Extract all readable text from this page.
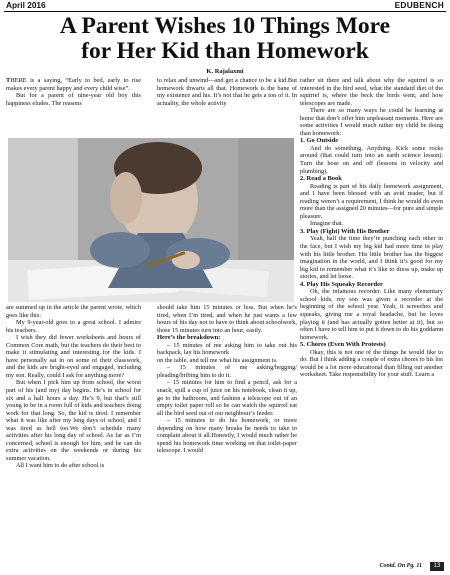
April 2016	EDUBENCH
A Parent Wishes 10 Things More
for Her Kid than Homework
K. Rajalaxmi

THERE is a saying, “Early to bed, early to rise makes every parent happy and every child wise”.

But for a parent of nine-year old boy this happiness eludes. The reasons

to relax and unwind—and get a chance to be a kid.But homework thwarts all that. Homework is the bane of my existence and his. It’s not that he gets a ton of it. In actuality, the whole activity

are summed up in the article the parent wrote, which goes like this:

My 9-year-old goes to a great school. I admire his teachers.

I wish they did fewer worksheets and hours of Common Core math, but the teachers do their best to make it stimulating and interesting for the kids. I have personally sat in on some of their classwork, and the kids are bright-eyed and engaged, including my son. Really, could I ask for anything more?

But when I pick him up from school, the worst part of his (and my) day begins. He’s in school for six and a half hours a day. He’s 9, but that’s still young to be in a room full of kids and teachers doing work for that long. So, the kid is tired. I remember what it was like after my long days of school, and I was tired as hell too.We don’t schedule many activities after his long day of school. As far as I’m concerned, school is enough for him, and he can do extra activities on the weekends or during his summer vacation.

All I want him to do after school is

should take him 15 minutes or less. But when he’s tired, when I’m tired, and when he just wants a few hours of his day not to have to think about schoolwork, those 15 minutes turn into an hour, easily.

Here’s the breakdown:

– 15 minutes of me asking him to take out his backpack, lay his homework

on the table, and tell me what his assignment is.

– 15 minutes of me asking/begging/ pleading/bribing him to do it.

– 15 minutes for him to find a pencil, ask for a snack, spill a cup of juice on his notebook, clean it up, go to the bathroom, and fashion a telescope out of an empty toilet paper roll so he can watch the squirrel eat all the bird seed out of our neighbour’s feeder.

– 15 minutes to do his homework, or more depending on how many breaks he needs to take to complain about it all.Honestly, I would much rather he spend his homework time working on that toilet-paper telescope. I would

rather sit there and talk about why the squirrel is so interested in the bird seed, what the standard diet of the squirrel is, where the beck the birds went, and how telescopes are made.

There are so many ways he could be learning at home that don’t offer him unpleasant moments. Here are some activities I would much rather my child be doing than homework:

1. Go Outside

And do something. Anything. Kick some rocks around (that could turn into an earth science lesson). Turn the hose on and off (lessons in velocity and plumbing).

2. Read a Book

Reading is part of his daily homework assignment, and I have been blessed with an avid reader, but if reading weren’t a requirement, I think he would do even more than the assigned 20 minutes—for pure and simple pleasure.

Imagine that.

3. Play (Fight) With His Brother

Yeah, half the time they’re punching each other in the face, but I wish my big kid had more time to play with his little brother. His little brother has the biggest imagination in the world, and I think it’s good for my big kid to remember what it’s like to dress up, make up stories, and let loose.

4. Play His Squeaky Recorder

Oh, the infamous recorder. Like many elementary school kids, my son was given a recorder at the beginning of the school year. Yeah, it screeches and squeaks, giving me a royal headache, but he loves playing it (and has actually gotten better at it), but so often I have to tell him to put it down to do his goddamn homework.

5. Chores (Even With Protests)

Okay, this is not one of the things he would like to do. But I think adding a couple of extra chores to his list would be a lot more educational than filling out another worksheet. Take responsibility for your stuff. Learn a

Contd. On Pg. 11	13
